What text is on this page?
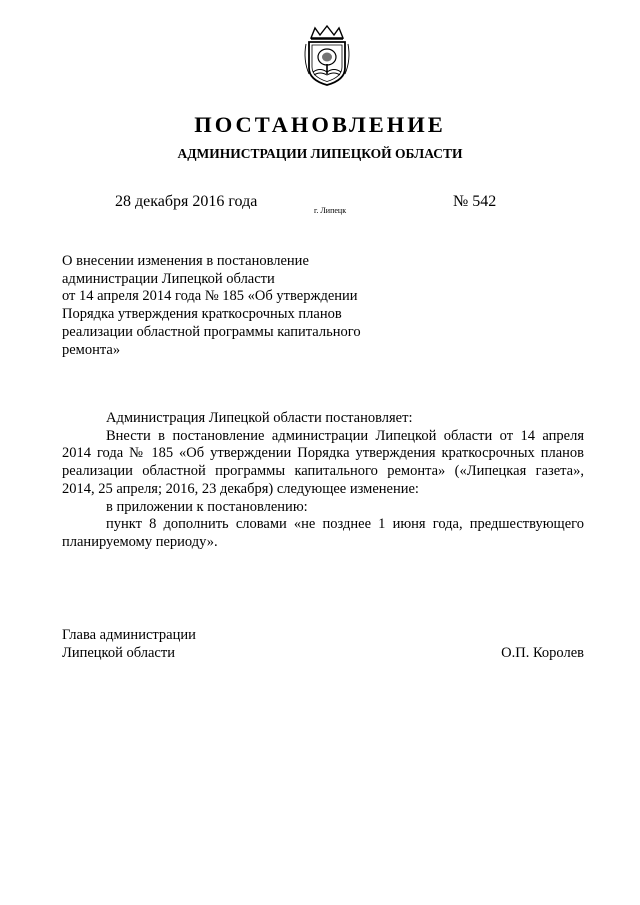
ПОСТАНОВЛЕНИЕ
АДМИНИСТРАЦИИ ЛИПЕЦКОЙ ОБЛАСТИ
28 декабря 2016 года
г. Липецк
№ 542
О внесении изменения в постановление
администрации Липецкой области
от 14 апреля 2014 года № 185 «Об утверждении
Порядка утверждения краткосрочных планов
реализации областной программы капитального
ремонта»

Администрация Липецкой области постановляет:

Внести в постановление администрации Липецкой области от 14 апреля 2014 года № 185 «Об утверждении Порядка утверждения краткосрочных планов реализации областной программы капитального ремонта» («Липецкая газета», 2014, 25 апреля; 2016, 23 декабря) следующее изменение:

в приложении к постановлению:

пункт 8 дополнить словами «не позднее 1 июня года, предшествующего планируемому периоду».

Глава администрации
Липецкой области	О.П. Королев
